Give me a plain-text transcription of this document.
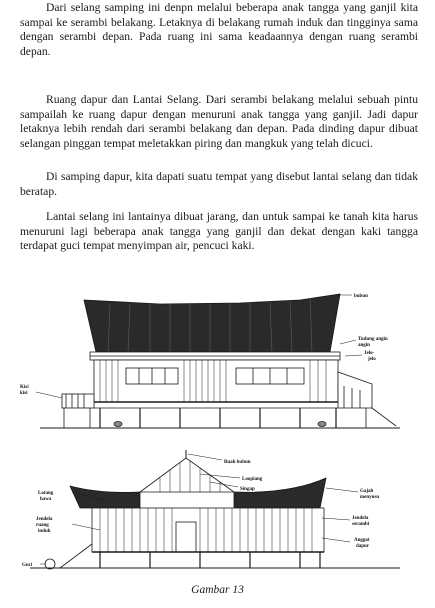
Dari selang samping ini denpn melalui beberapa anak tangga yang ganjil kita sampai ke serambi belakang. Letaknya di belakang rumah induk dan tingginya sama dengan serambi depan. Pada ruang ini sama keadaannya dengan ruang serambi depan.

Ruang dapur dan Lantai Selang. Dari serambi belakang melalui sebuah pintu sampailah ke ruang dapur dengan menuruni anak tangga yang ganjil. Jadi dapur letaknya lebih rendah dari serambi belakang dan depan. Pada dinding dapur dibuat selangan pinggan tempat meletakkan piring dan mangkuk yang telah dicuci.

Di samping dapur, kita dapati suatu tempat yang disebut lantai selang dan tidak beratap.

Lantai selang ini lantainya dibuat jarang, dan untuk sampai ke tanah kita harus menuruni lagi beberapa anak tangga yang ganjil dan dekat dengan kaki tangga terdapat guci tempat menyimpan air, pencuci kaki.

bubun
Tudung angin
angin
Jelo-
jelo
Kisi
kisi
Buah bubun
Loopiang
Singap
Lotang
hawa
Gajah
menyusu
Jendela
ruang
induk
Jendela
serambi
Anggot
dapur
Guci

Gambar 13
